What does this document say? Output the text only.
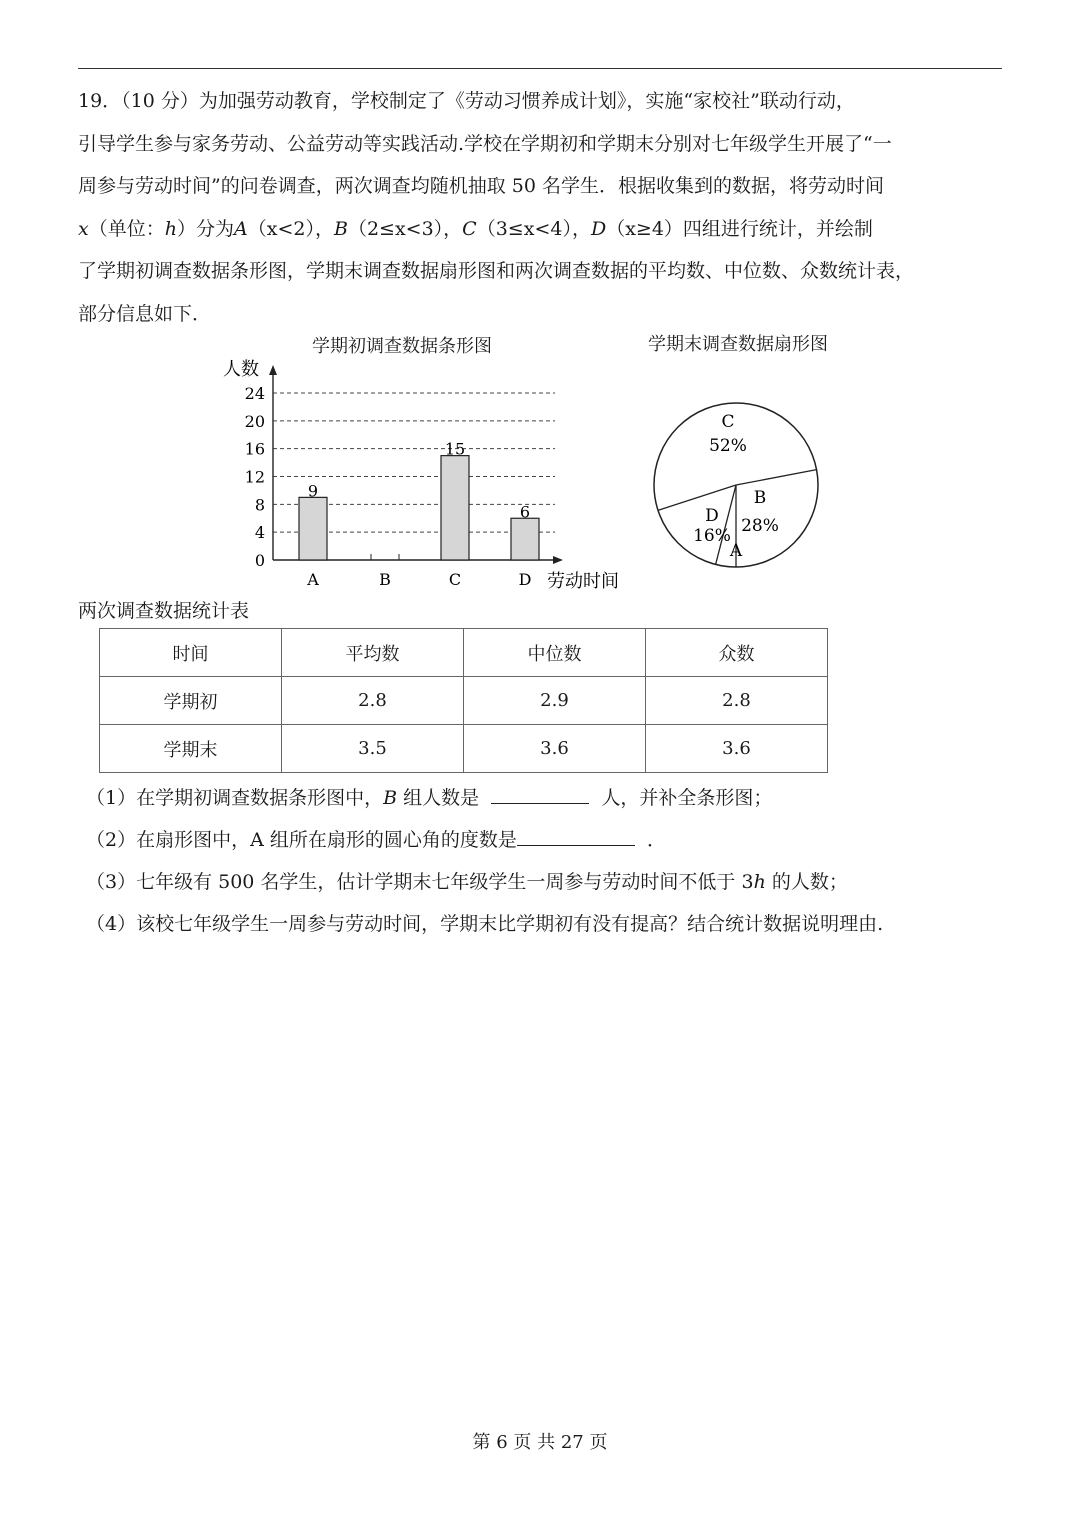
19．（10 分）为加强劳动教育，学校制定了《劳动习惯养成计划》，实施“家校社”联动行动，

引导学生参与家务劳动、公益劳动等实践活动.学校在学期初和学期末分别对七年级学生开展了“一

周参与劳动时间”的问卷调查，两次调查均随机抽取 50 名学生．根据收集到的数据，将劳动时间

x（单位：h）分为A（x<2），B（2≤x<3），C（3≤x<4），D（x≥4）四组进行统计，并绘制

了学期初调查数据条形图，学期末调查数据扇形图和两次调查数据的平均数、中位数、众数统计表，

部分信息如下．

学期初调查数据条形图	学期末调查数据扇形图
0
4
8
12
16
20
24
人数
劳动时间
A
9
B	C
15
D
6
C
52%
B
28%
A
D
16%
两次调查数据统计表
时间	平均数	中位数	众数
学期初	2.8	2.9	2.8
学期末	3.5	3.6	3.6
（1）在学期初调查数据条形图中，B 组人数是	人，并补全条形图；
（2）在扇形图中，A 组所在扇形的圆心角的度数是	．
（3）七年级有 500 名学生，估计学期末七年级学生一周参与劳动时间不低于 3h 的人数；
（4）该校七年级学生一周参与劳动时间，学期末比学期初有没有提高？结合统计数据说明理由.
第 6 页 共 27 页
